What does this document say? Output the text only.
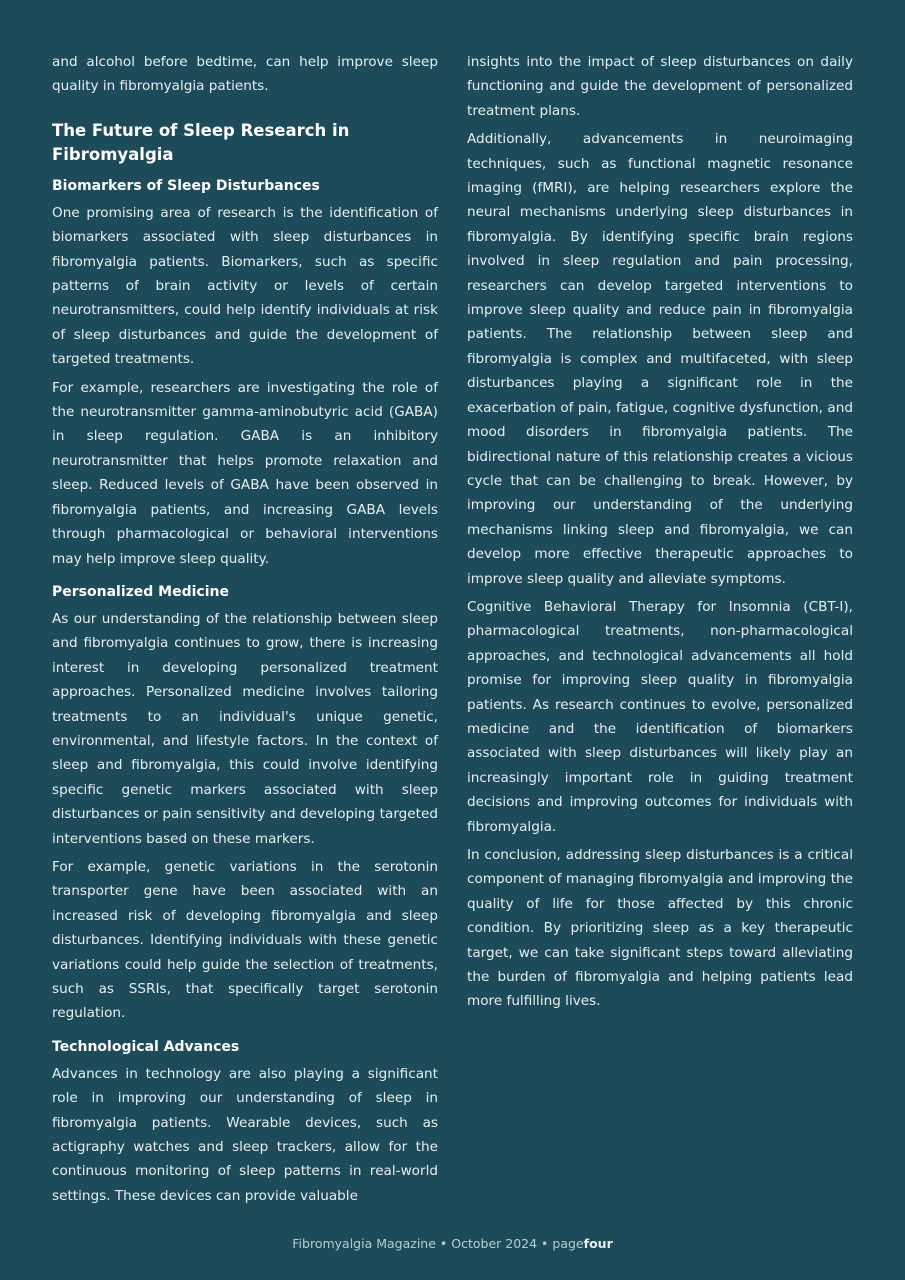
and alcohol before bedtime, can help improve sleep quality in fibromyalgia patients.

The Future of Sleep Research in Fibromyalgia
Biomarkers of Sleep Disturbances

One promising area of research is the identification of biomarkers associated with sleep disturbances in fibromyalgia patients. Biomarkers, such as specific patterns of brain activity or levels of certain neurotransmitters, could help identify individuals at risk of sleep disturbances and guide the development of targeted treatments.

For example, researchers are investigating the role of the neurotransmitter gamma-aminobutyric acid (GABA) in sleep regulation. GABA is an inhibitory neurotransmitter that helps promote relaxation and sleep. Reduced levels of GABA have been observed in fibromyalgia patients, and increasing GABA levels through pharmacological or behavioral interventions may help improve sleep quality.

Personalized Medicine

As our understanding of the relationship between sleep and fibromyalgia continues to grow, there is increasing interest in developing personalized treatment approaches. Personalized medicine involves tailoring treatments to an individual's unique genetic, environmental, and lifestyle factors. In the context of sleep and fibromyalgia, this could involve identifying specific genetic markers associated with sleep disturbances or pain sensitivity and developing targeted interventions based on these markers.

For example, genetic variations in the serotonin transporter gene have been associated with an increased risk of developing fibromyalgia and sleep disturbances. Identifying individuals with these genetic variations could help guide the selection of treatments, such as SSRIs, that specifically target serotonin regulation.

Technological Advances

Advances in technology are also playing a significant role in improving our understanding of sleep in fibromyalgia patients. Wearable devices, such as actigraphy watches and sleep trackers, allow for the continuous monitoring of sleep patterns in real-world settings. These devices can provide valuable

insights into the impact of sleep disturbances on daily functioning and guide the development of personalized treatment plans.

Additionally, advancements in neuroimaging techniques, such as functional magnetic resonance imaging (fMRI), are helping researchers explore the neural mechanisms underlying sleep disturbances in fibromyalgia. By identifying specific brain regions involved in sleep regulation and pain processing, researchers can develop targeted interventions to improve sleep quality and reduce pain in fibromyalgia patients. The relationship between sleep and fibromyalgia is complex and multifaceted, with sleep disturbances playing a significant role in the exacerbation of pain, fatigue, cognitive dysfunction, and mood disorders in fibromyalgia patients. The bidirectional nature of this relationship creates a vicious cycle that can be challenging to break. However, by improving our understanding of the underlying mechanisms linking sleep and fibromyalgia, we can develop more effective therapeutic approaches to improve sleep quality and alleviate symptoms.

Cognitive Behavioral Therapy for Insomnia (CBT-I), pharmacological treatments, non-pharmacological approaches, and technological advancements all hold promise for improving sleep quality in fibromyalgia patients. As research continues to evolve, personalized medicine and the identification of biomarkers associated with sleep disturbances will likely play an increasingly important role in guiding treatment decisions and improving outcomes for individuals with fibromyalgia.

In conclusion, addressing sleep disturbances is a critical component of managing fibromyalgia and improving the quality of life for those affected by this chronic condition. By prioritizing sleep as a key therapeutic target, we can take significant steps toward alleviating the burden of fibromyalgia and helping patients lead more fulfilling lives.

Fibromyalgia Magazine • October 2024 • pagefour
